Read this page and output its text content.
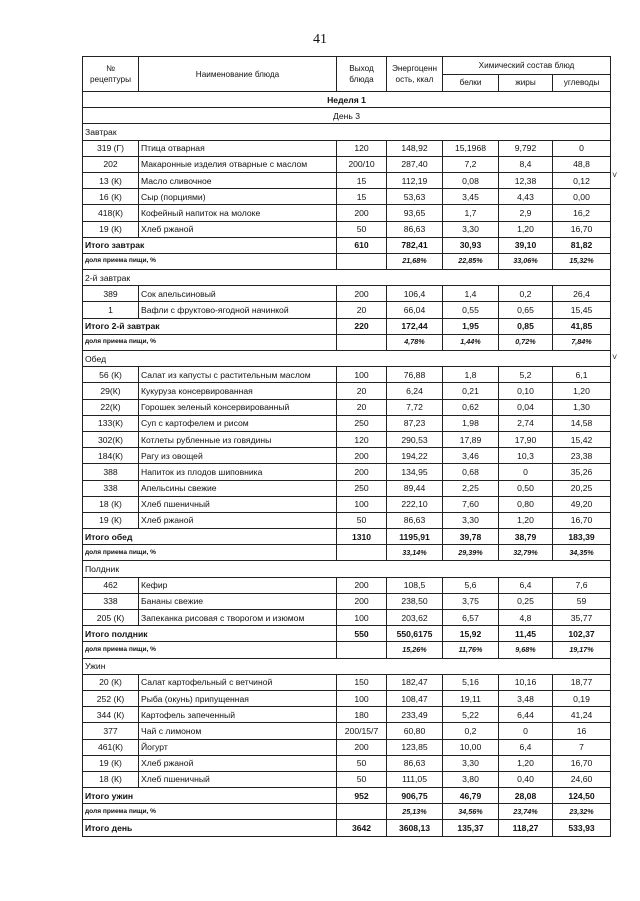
41
№ рецептуры	Наименование блюда	Выход блюда	Энергоценн ость, ккал	Химический состав блюд		
				белки	жиры	углеводы
Неделя 1						
День 3						
Завтрак						
319 (Г)	Птица отварная	120	148,92	15,1968	9,792	0
202	Макаронные изделия отварные с маслом	200/10	287,40	7,2	8,4	48,8
13 (К)	Масло сливочное	15	112,19	0,08	12,38	0,12
16 (К)	Сыр (порциями)	15	53,63	3,45	4,43	0,00
418(К)	Кофейный напиток на молоке	200	93,65	1,7	2,9	16,2
19 (К)	Хлеб ржаной	50	86,63	3,30	1,20	16,70
Итого завтрак		610	782,41	30,93	39,10	81,82
доля приема пищи, %			21,68%	22,85%	33,06%	15,32%
2-й завтрак						
389	Сок апельсиновый	200	106,4	1,4	0,2	26,4
1	Вафли с фруктово-ягодной начинкой	20	66,04	0,55	0,65	15,45
Итого 2-й завтрак		220	172,44	1,95	0,85	41,85
доля приема пищи, %			4,78%	1,44%	0,72%	7,84%
Обед						
56 (К)	Салат из капусты с растительным маслом	100	76,88	1,8	5,2	6,1
29(К)	Кукуруза консервированная	20	6,24	0,21	0,10	1,20
22(К)	Горошек зеленый консервированный	20	7,72	0,62	0,04	1,30
133(К)	Суп с картофелем и рисом	250	87,23	1,98	2,74	14,58
302(К)	Котлеты рубленные из говядины	120	290,53	17,89	17,90	15,42
184(К)	Рагу из овощей	200	194,22	3,46	10,3	23,38
388	Напиток из плодов шиповника	200	134,95	0,68	0	35,26
338	Апельсины свежие	250	89,44	2,25	0,50	20,25
18 (К)	Хлеб пшеничный	100	222,10	7,60	0,80	49,20
19 (К)	Хлеб ржаной	50	86,63	3,30	1,20	16,70
Итого обед		1310	1195,91	39,78	38,79	183,39
доля приема пищи, %			33,14%	29,39%	32,79%	34,35%
Полдник						
462	Кефир	200	108,5	5,6	6,4	7,6
338	Бананы свежие	200	238,50	3,75	0,25	59
205 (К)	Запеканка рисовая с творогом и изюмом	100	203,62	6,57	4,8	35,77
Итого полдник		550	550,6175	15,92	11,45	102,37
доля приема пищи, %			15,26%	11,76%	9,68%	19,17%
Ужин						
20 (К)	Салат картофельный с ветчиной	150	182,47	5,16	10,16	18,77
252 (К)	Рыба (окунь) припущенная	100	108,47	19,11	3,48	0,19
344 (К)	Картофель запеченный	180	233,49	5,22	6,44	41,24
377	Чай с лимоном	200/15/7	60,80	0,2	0	16
461(К)	Йогурт	200	123,85	10,00	6,4	7
19 (К)	Хлеб ржаной	50	86,63	3,30	1,20	16,70
18 (К)	Хлеб пшеничный	50	111,05	3,80	0,40	24,60
Итого ужин		952	906,75	46,79	28,08	124,50
доля приема пищи, %			25,13%	34,56%	23,74%	23,32%
Итого день		3642	3608,13	135,37	118,27	533,93
˅
˅
